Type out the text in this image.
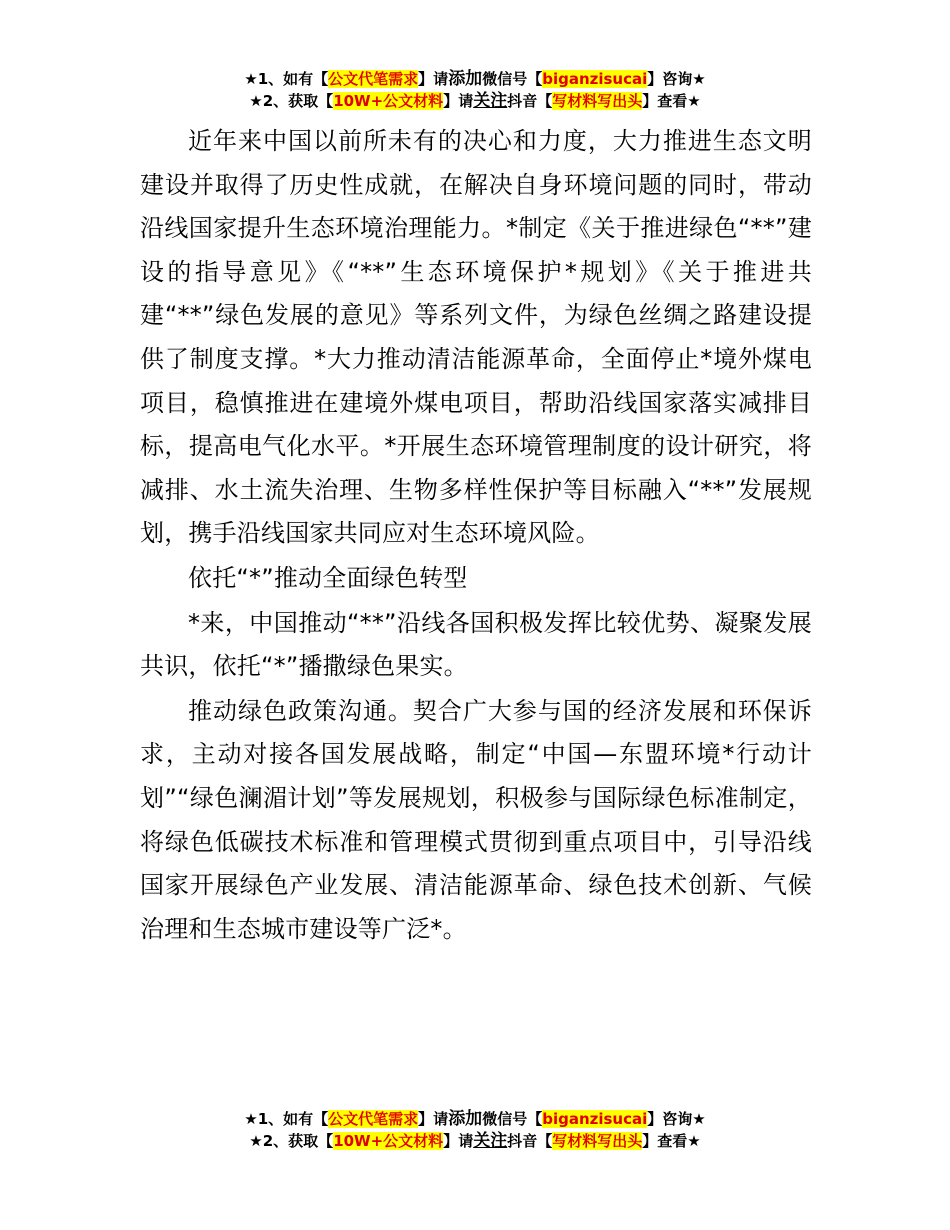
★1、如有【公文代笔需求】请添加微信号【biganzisucai】咨询★
★2、获取【10W+公文材料】请关注抖音【写材料写出头】查看★

近年来中国以前所未有的决心和力度，大力推进生态文明建设并取得了历史性成就，在解决自身环境问题的同时，带动沿线国家提升生态环境治理能力。*制定《关于推进绿色“**”建设的指导意见》《“**”生态环境保护*规划》《关于推进共建“**”绿色发展的意见》等系列文件，为绿色丝绸之路建设提供了制度支撑。*大力推动清洁能源革命，全面停止*境外煤电项目，稳慎推进在建境外煤电项目，帮助沿线国家落实减排目标，提高电气化水平。*开展生态环境管理制度的设计研究，将减排、水土流失治理、生物多样性保护等目标融入“**”发展规划，携手沿线国家共同应对生态环境风险。

依托“*”推动全面绿色转型

*来，中国推动“**”沿线各国积极发挥比较优势、凝聚发展共识，依托“*”播撒绿色果实。

推动绿色政策沟通。契合广大参与国的经济发展和环保诉求，主动对接各国发展战略，制定“中国—东盟环境*行动计划”“绿色澜湄计划”等发展规划，积极参与国际绿色标准制定，将绿色低碳技术标准和管理模式贯彻到重点项目中，引导沿线国家开展绿色产业发展、清洁能源革命、绿色技术创新、气候治理和生态城市建设等广泛*。

★1、如有【公文代笔需求】请添加微信号【biganzisucai】咨询★
★2、获取【10W+公文材料】请关注抖音【写材料写出头】查看★
